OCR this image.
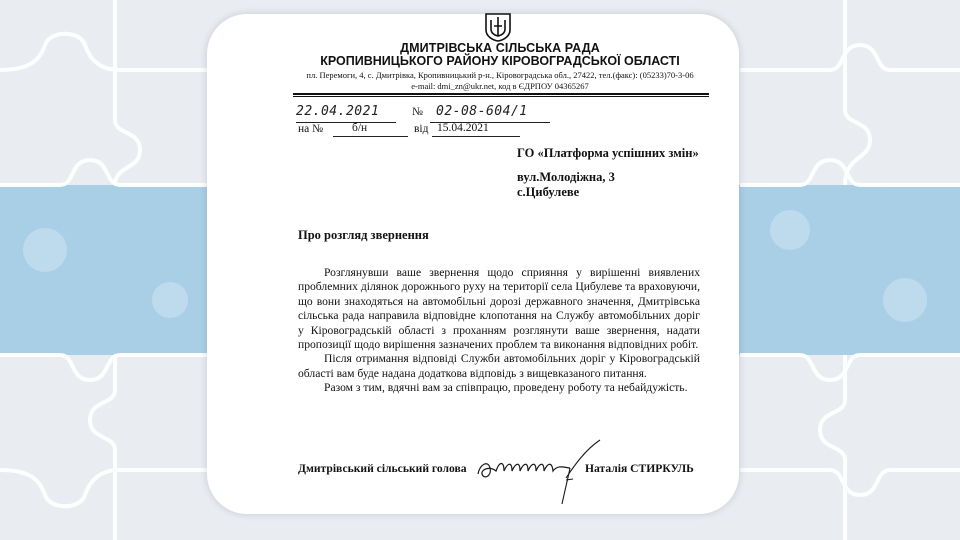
ДМИТРІВСЬКА СІЛЬСЬКА РАДА
КРОПИВНИЦЬКОГО РАЙОНУ КІРОВОГРАДСЬКОЇ ОБЛАСТІ
пл. Перемоги, 4, с. Дмитрівка, Кропивницький р-н., Кіровоградська обл., 27422, тел.(факс): (05233)70-3-06
e-mail: dmi_zn@ukr.net, код в ЄДРПОУ 04365267
22.04.2021	№ 02-08-604/1
на №	б/н	від 15.04.2021
ГО «Платформа успішних змін»
вул.Молодіжна, 3
с.Цибулеве
Про розгляд звернення

Розглянувши ваше звернення щодо сприяння у вирішенні виявлених проблемних ділянок дорожнього руху на території села Цибулеве та враховуючи, що вони знаходяться на автомобільні дорозі державного значення, Дмитрівська сільська рада направила відповідне клопотання на Службу автомобільних доріг у Кіровоградській області з проханням розглянути ваше звернення, надати пропозиції щодо вирішення зазначених проблем та виконання відповідних робіт.

Після отримання відповіді Служби автомобільних доріг у Кіровоградській області вам буде надана додаткова відповідь з вищевказаного питання.

Разом з тим, вдячні вам за співпрацю, проведену роботу та небайдужість.

Дмитрівський сільський голова	Наталія СТИРКУЛЬ
